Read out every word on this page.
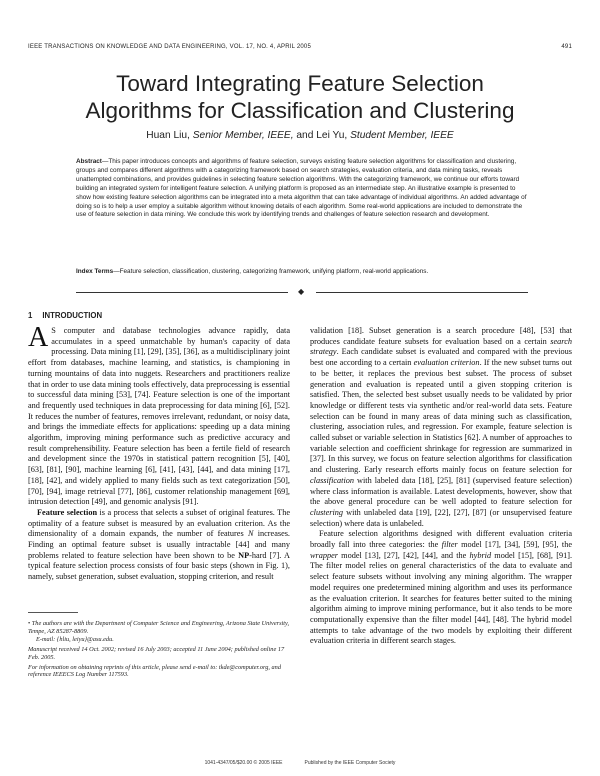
IEEE TRANSACTIONS ON KNOWLEDGE AND DATA ENGINEERING, VOL. 17, NO. 4, APRIL 2005	491
Toward Integrating Feature Selection
Algorithms for Classification and Clustering
Huan Liu, Senior Member, IEEE, and Lei Yu, Student Member, IEEE
Abstract—This paper introduces concepts and algorithms of feature selection, surveys existing feature selection algorithms for classification and clustering, groups and compares different algorithms with a categorizing framework based on search strategies, evaluation criteria, and data mining tasks, reveals unattempted combinations, and provides guidelines in selecting feature selection algorithms. With the categorizing framework, we continue our efforts toward building an integrated system for intelligent feature selection. A unifying platform is proposed as an intermediate step. An illustrative example is presented to show how existing feature selection algorithms can be integrated into a meta algorithm that can take advantage of individual algorithms. An added advantage of doing so is to help a user employ a suitable algorithm without knowing details of each algorithm. Some real-world applications are included to demonstrate the use of feature selection in data mining. We conclude this work by identifying trends and challenges of feature selection research and development.
Index Terms—Feature selection, classification, clustering, categorizing framework, unifying platform, real-world applications.
◆
1 INTRODUCTION

A S computer and database technologies advance rapidly, data accumulates in a speed unmatchable by human's capacity of data processing. Data mining [1], [29], [35], [36], as a multidisciplinary joint effort from databases, machine learning, and statistics, is championing in turning mountains of data into nuggets. Researchers and practitioners realize that in order to use data mining tools effectively, data preprocessing is essential to successful data mining [53], [74]. Feature selection is one of the important and frequently used techniques in data preprocessing for data mining [6], [52]. It reduces the number of features, removes irrelevant, redundant, or noisy data, and brings the immediate effects for applications: speeding up a data mining algorithm, improving mining performance such as predictive accuracy and result comprehensibility. Feature selection has been a fertile field of research and development since the 1970s in statistical pattern recognition [5], [40], [63], [81], [90], machine learning [6], [41], [43], [44], and data mining [17], [18], [42], and widely applied to many fields such as text categorization [50], [70], [94], image retrieval [77], [86], customer relationship management [69], intrusion detection [49], and genomic analysis [91].

Feature selection is a process that selects a subset of original features. The optimality of a feature subset is measured by an evaluation criterion. As the dimensionality of a domain expands, the number of features N increases. Finding an optimal feature subset is usually intractable [44] and many problems related to feature selection have been shown to be NP-hard [7]. A typical feature selection process consists of four basic steps (shown in Fig. 1), namely, subset generation, subset evaluation, stopping criterion, and result

validation [18]. Subset generation is a search procedure [48], [53] that produces candidate feature subsets for evaluation based on a certain search strategy. Each candidate subset is evaluated and compared with the previous best one according to a certain evaluation criterion. If the new subset turns out to be better, it replaces the previous best subset. The process of subset generation and evaluation is repeated until a given stopping criterion is satisfied. Then, the selected best subset usually needs to be validated by prior knowledge or different tests via synthetic and/or real-world data sets. Feature selection can be found in many areas of data mining such as classification, clustering, association rules, and regression. For example, feature selection is called subset or variable selection in Statistics [62]. A number of approaches to variable selection and coefficient shrinkage for regression are summarized in [37]. In this survey, we focus on feature selection algorithms for classification and clustering. Early research efforts mainly focus on feature selection for classification with labeled data [18], [25], [81] (supervised feature selection) where class information is available. Latest developments, however, show that the above general procedure can be well adopted to feature selection for clustering with unlabeled data [19], [22], [27], [87] (or unsupervised feature selection) where data is unlabeled.

Feature selection algorithms designed with different evaluation criteria broadly fall into three categories: the filter model [17], [34], [59], [95], the wrapper model [13], [27], [42], [44], and the hybrid model [15], [68], [91]. The filter model relies on general characteristics of the data to evaluate and select feature subsets without involving any mining algorithm. The wrapper model requires one predetermined mining algorithm and uses its performance as the evaluation criterion. It searches for features better suited to the mining algorithm aiming to improve mining performance, but it also tends to be more computationally expensive than the filter model [44], [48]. The hybrid model attempts to take advantage of the two models by exploiting their different evaluation criteria in different search stages.

• The authors are with the Department of Computer Science and Engineering, Arizona State University, Tempe, AZ 85287-8809.
E-mail: {hliu, leiyu}@asu.edu.

Manuscript received 14 Oct. 2002; revised 16 July 2003; accepted 11 June 2004; published online 17 Feb. 2005.

For information on obtaining reprints of this article, please send e-mail to: tkde@computer.org, and reference IEEECS Log Number 117593.

1041-4347/05/$20.00 © 2005 IEEE	Published by the IEEE Computer Society
